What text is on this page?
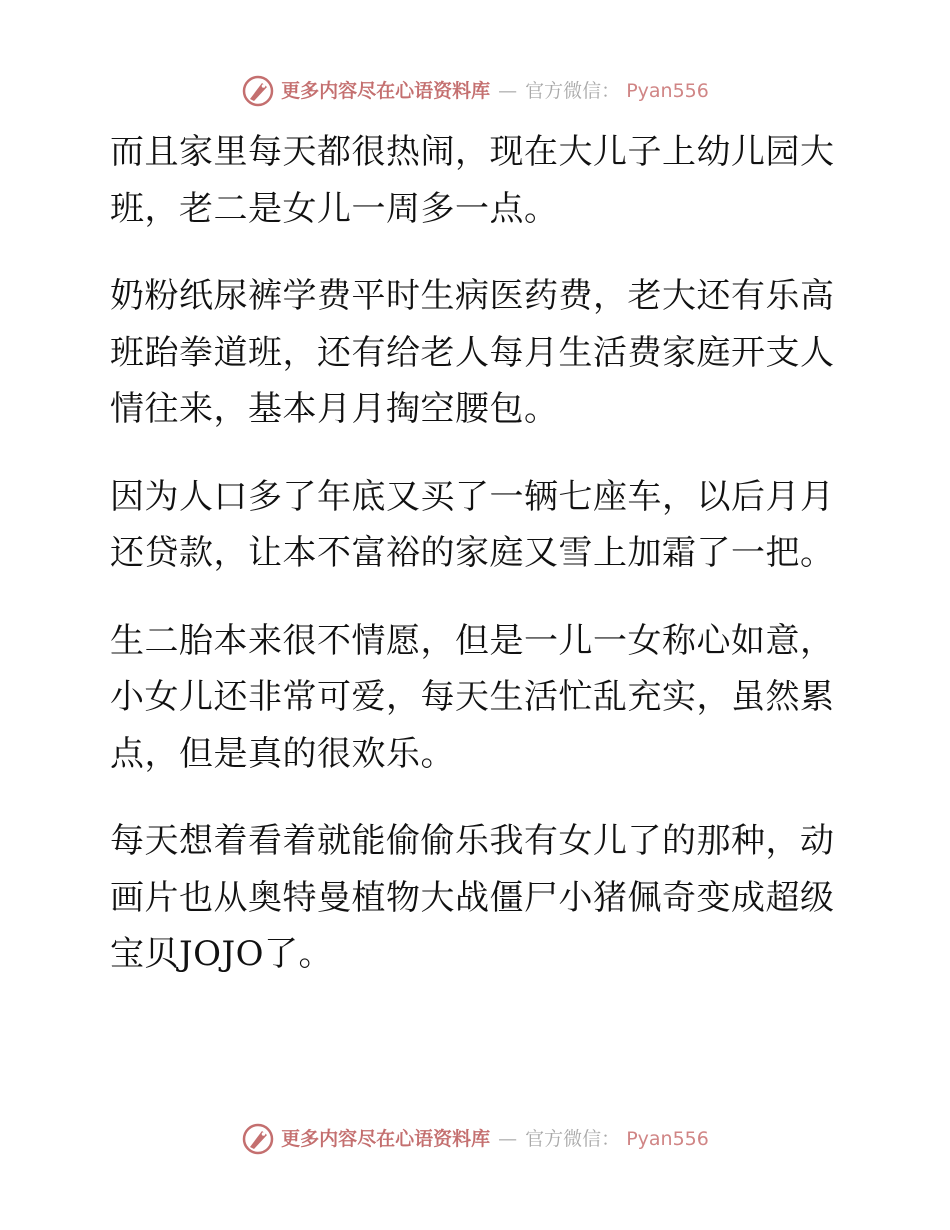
更多内容尽在心语资料库 — 官方微信： Pyan556

而且家里每天都很热闹，现在大儿子上幼儿园大班，老二是女儿一周多一点。

奶粉纸尿裤学费平时生病医药费，老大还有乐高班跆拳道班，还有给老人每月生活费家庭开支人情往来，基本月月掏空腰包。

因为人口多了年底又买了一辆七座车，以后月月还贷款，让本不富裕的家庭又雪上加霜了一把。

生二胎本来很不情愿，但是一儿一女称心如意，小女儿还非常可爱，每天生活忙乱充实，虽然累点，但是真的很欢乐。

每天想着看着就能偷偷乐我有女儿了的那种，动画片也从奥特曼植物大战僵尸小猪佩奇变成超级宝贝JOJO了。

更多内容尽在心语资料库 — 官方微信： Pyan556
